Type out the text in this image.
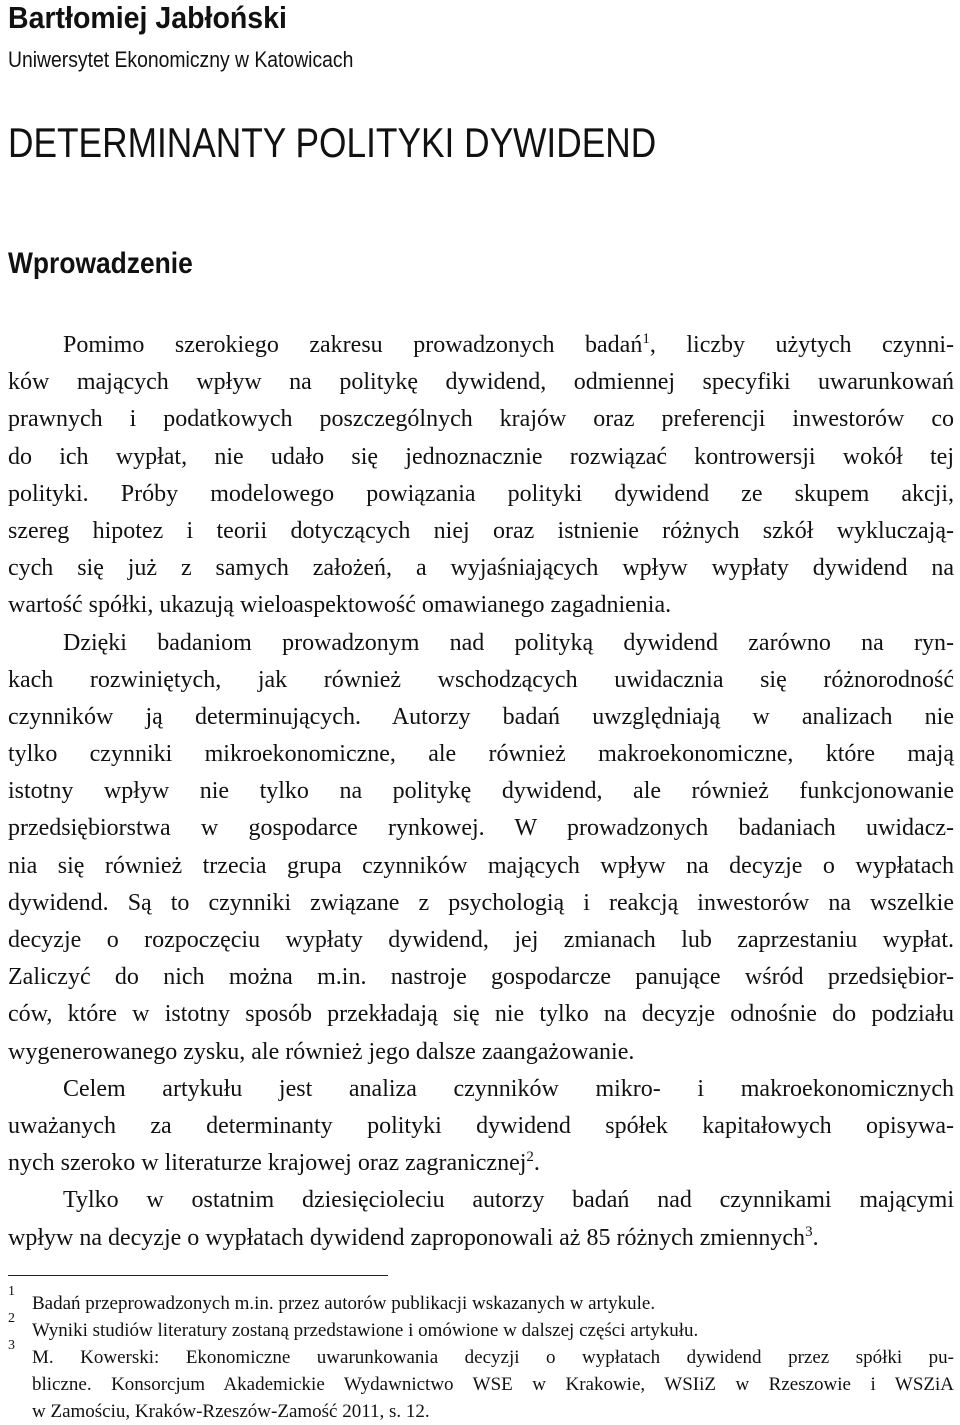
Bartłomiej Jabłoński
Uniwersytet Ekonomiczny w Katowicach
DETERMINANTY POLITYKI DYWIDEND
Wprowadzenie
Pomimo szerokiego zakresu prowadzonych badań$^1$, liczby użytych czynni-
ków mających wpływ na politykę dywidend, odmiennej specyfiki uwarunkowań
prawnych i podatkowych poszczególnych krajów oraz preferencji inwestorów co
do ich wypłat, nie udało się jednoznacznie rozwiązać kontrowersji wokół tej
polityki. Próby modelowego powiązania polityki dywidend ze skupem akcji,
szereg hipotez i teorii dotyczących niej oraz istnienie różnych szkół wykluczają-
cych się już z samych założeń, a wyjaśniających wpływ wypłaty dywidend na
wartość spółki, ukazują wieloaspektowość omawianego zagadnienia.
Dzięki badaniom prowadzonym nad polityką dywidend zarówno na ryn-
kach rozwiniętych, jak również wschodzących uwidacznia się różnorodność
czynników ją determinujących. Autorzy badań uwzględniają w analizach nie
tylko czynniki mikroekonomiczne, ale również makroekonomiczne, które mają
istotny wpływ nie tylko na politykę dywidend, ale również funkcjonowanie
przedsiębiorstwa w gospodarce rynkowej. W prowadzonych badaniach uwidacz-
nia się również trzecia grupa czynników mających wpływ na decyzje o wypłatach
dywidend. Są to czynniki związane z psychologią i reakcją inwestorów na wszelkie
decyzje o rozpoczęciu wypłaty dywidend, jej zmianach lub zaprzestaniu wypłat.
Zaliczyć do nich można m.in. nastroje gospodarcze panujące wśród przedsiębior-
ców, które w istotny sposób przekładają się nie tylko na decyzje odnośnie do podziału
wygenerowanego zysku, ale również jego dalsze zaangażowanie.
Celem artykułu jest analiza czynników mikro- i makroekonomicznych
uważanych za determinanty polityki dywidend spółek kapitałowych opisywa-
nych szeroko w literaturze krajowej oraz zagranicznej$^2$.
Tylko w ostatnim dziesięcioleciu autorzy badań nad czynnikami mającymi
wpływ na decyzje o wypłatach dywidend zaproponowali aż 85 różnych zmiennych$^3$.
1
Badań przeprowadzonych m.in. przez autorów publikacji wskazanych w artykule.
2
Wyniki studiów literatury zostaną przedstawione i omówione w dalszej części artykułu.
3
M. Kowerski: Ekonomiczne uwarunkowania decyzji o wypłatach dywidend przez spółki pu-
bliczne. Konsorcjum Akademickie Wydawnictwo WSE w Krakowie, WSIiZ w Rzeszowie i WSZiA
w Zamościu, Kraków-Rzeszów-Zamość 2011, s. 12.
